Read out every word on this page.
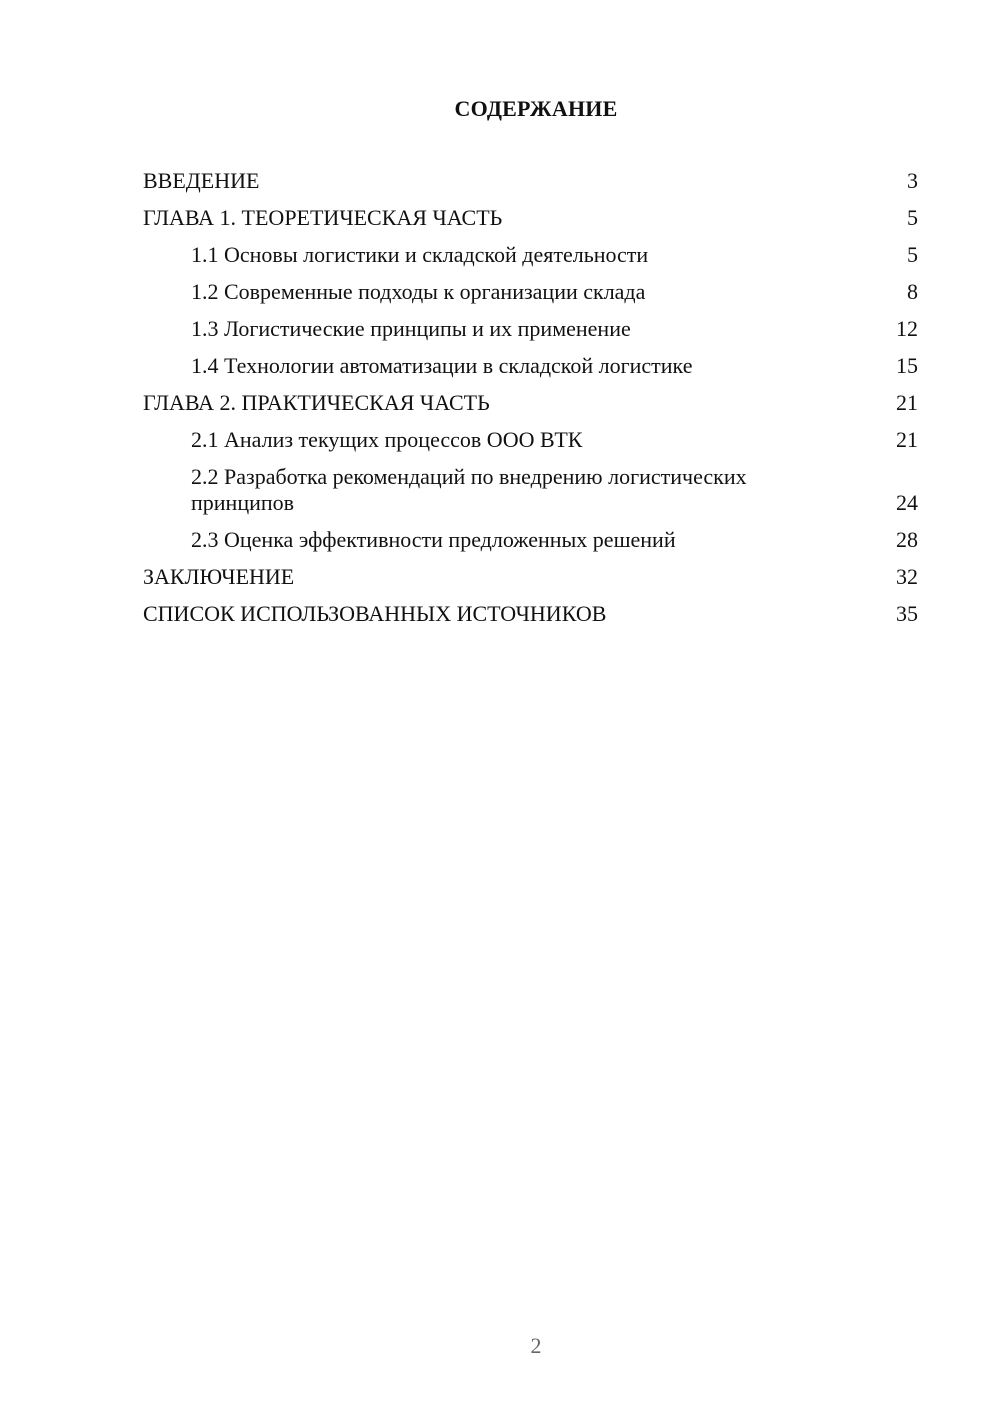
СОДЕРЖАНИЕ
ВВЕДЕНИЕ	3
ГЛАВА 1. ТЕОРЕТИЧЕСКАЯ ЧАСТЬ	5
1.1 Основы логистики и складской деятельности	5
1.2 Современные подходы к организации склада	8
1.3 Логистические принципы и их применение	12
1.4 Технологии автоматизации в складской логистике	15
ГЛАВА 2. ПРАКТИЧЕСКАЯ ЧАСТЬ	21
2.1 Анализ текущих процессов ООО ВТК	21
2.2 Разработка рекомендаций по внедрению логистических принципов	24
2.3 Оценка эффективности предложенных решений	28
ЗАКЛЮЧЕНИЕ	32
СПИСОК ИСПОЛЬЗОВАННЫХ ИСТОЧНИКОВ	35
2
